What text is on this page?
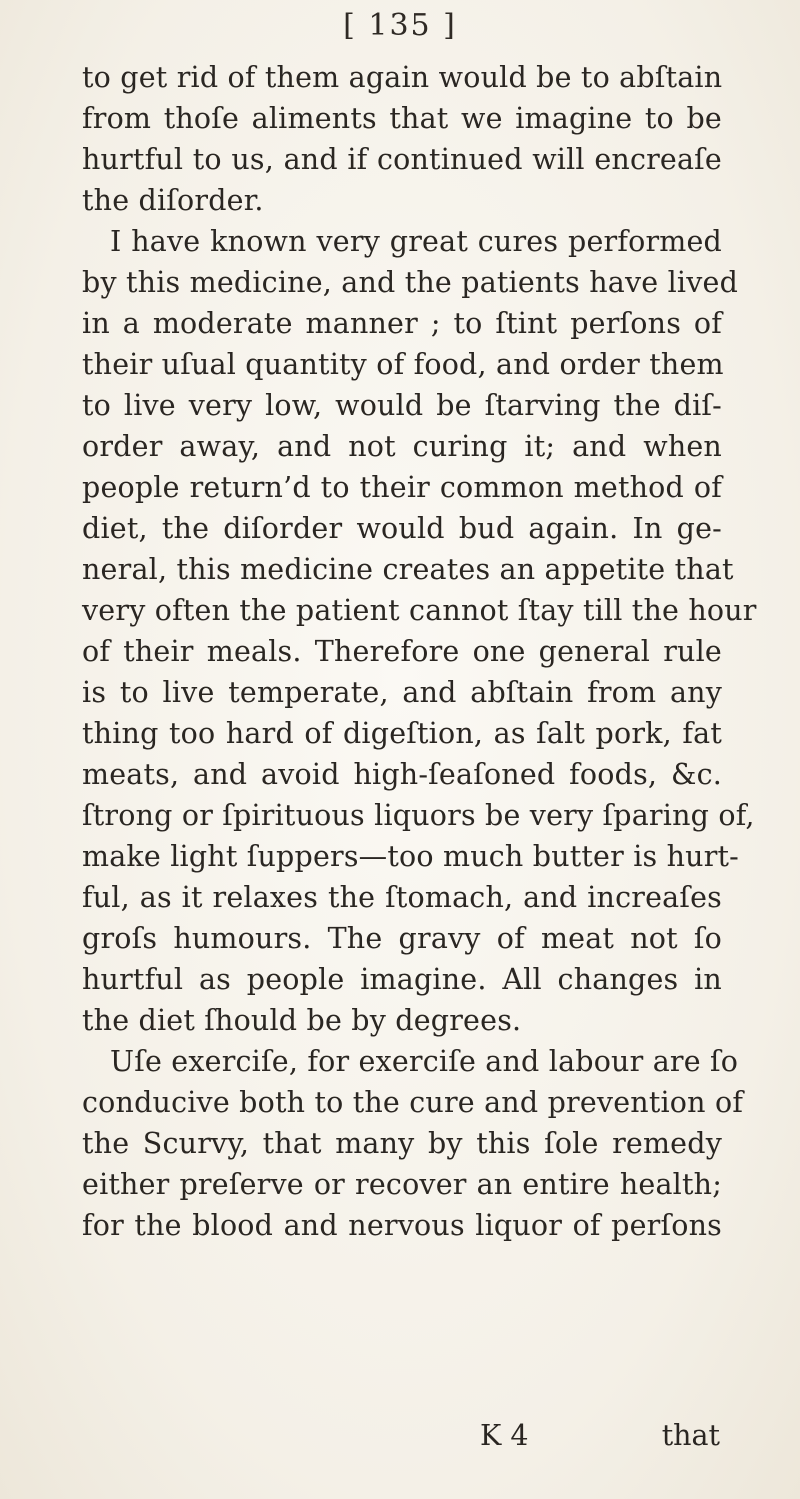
[ 135 ]
to get rid of them again would be to abſtain
from thoſe aliments that we imagine to be
hurtful to us, and if continued will encreaſe
the diſorder.
I have known very great cures performed
by this medicine, and the patients have lived
in a moderate manner ; to ſtint perſons of
their uſual quantity of food, and order them
to live very low, would be ſtarving the diſ-
order away, and not curing it; and when
people return’d to their common method of
diet, the diſorder would bud again. In ge-
neral, this medicine creates an appetite that
very often the patient cannot ſtay till the hour
of their meals. Therefore one general rule
is to live temperate, and abſtain from any
thing too hard of digeſtion, as ſalt pork, fat
meats, and avoid high-ſeaſoned foods, &c.
ſtrong or ſpirituous liquors be very ſparing of,
make light ſuppers—too much butter is hurt-
ful, as it relaxes the ſtomach, and increaſes
groſs humours. The gravy of meat not ſo
hurtful as people imagine. All changes in
the diet ſhould be by degrees.
Uſe exerciſe, for exerciſe and labour are ſo
conducive both to the cure and prevention of
the Scurvy, that many by this ſole remedy
either preſerve or recover an entire health;
for the blood and nervous liquor of perſons
K 4	that
